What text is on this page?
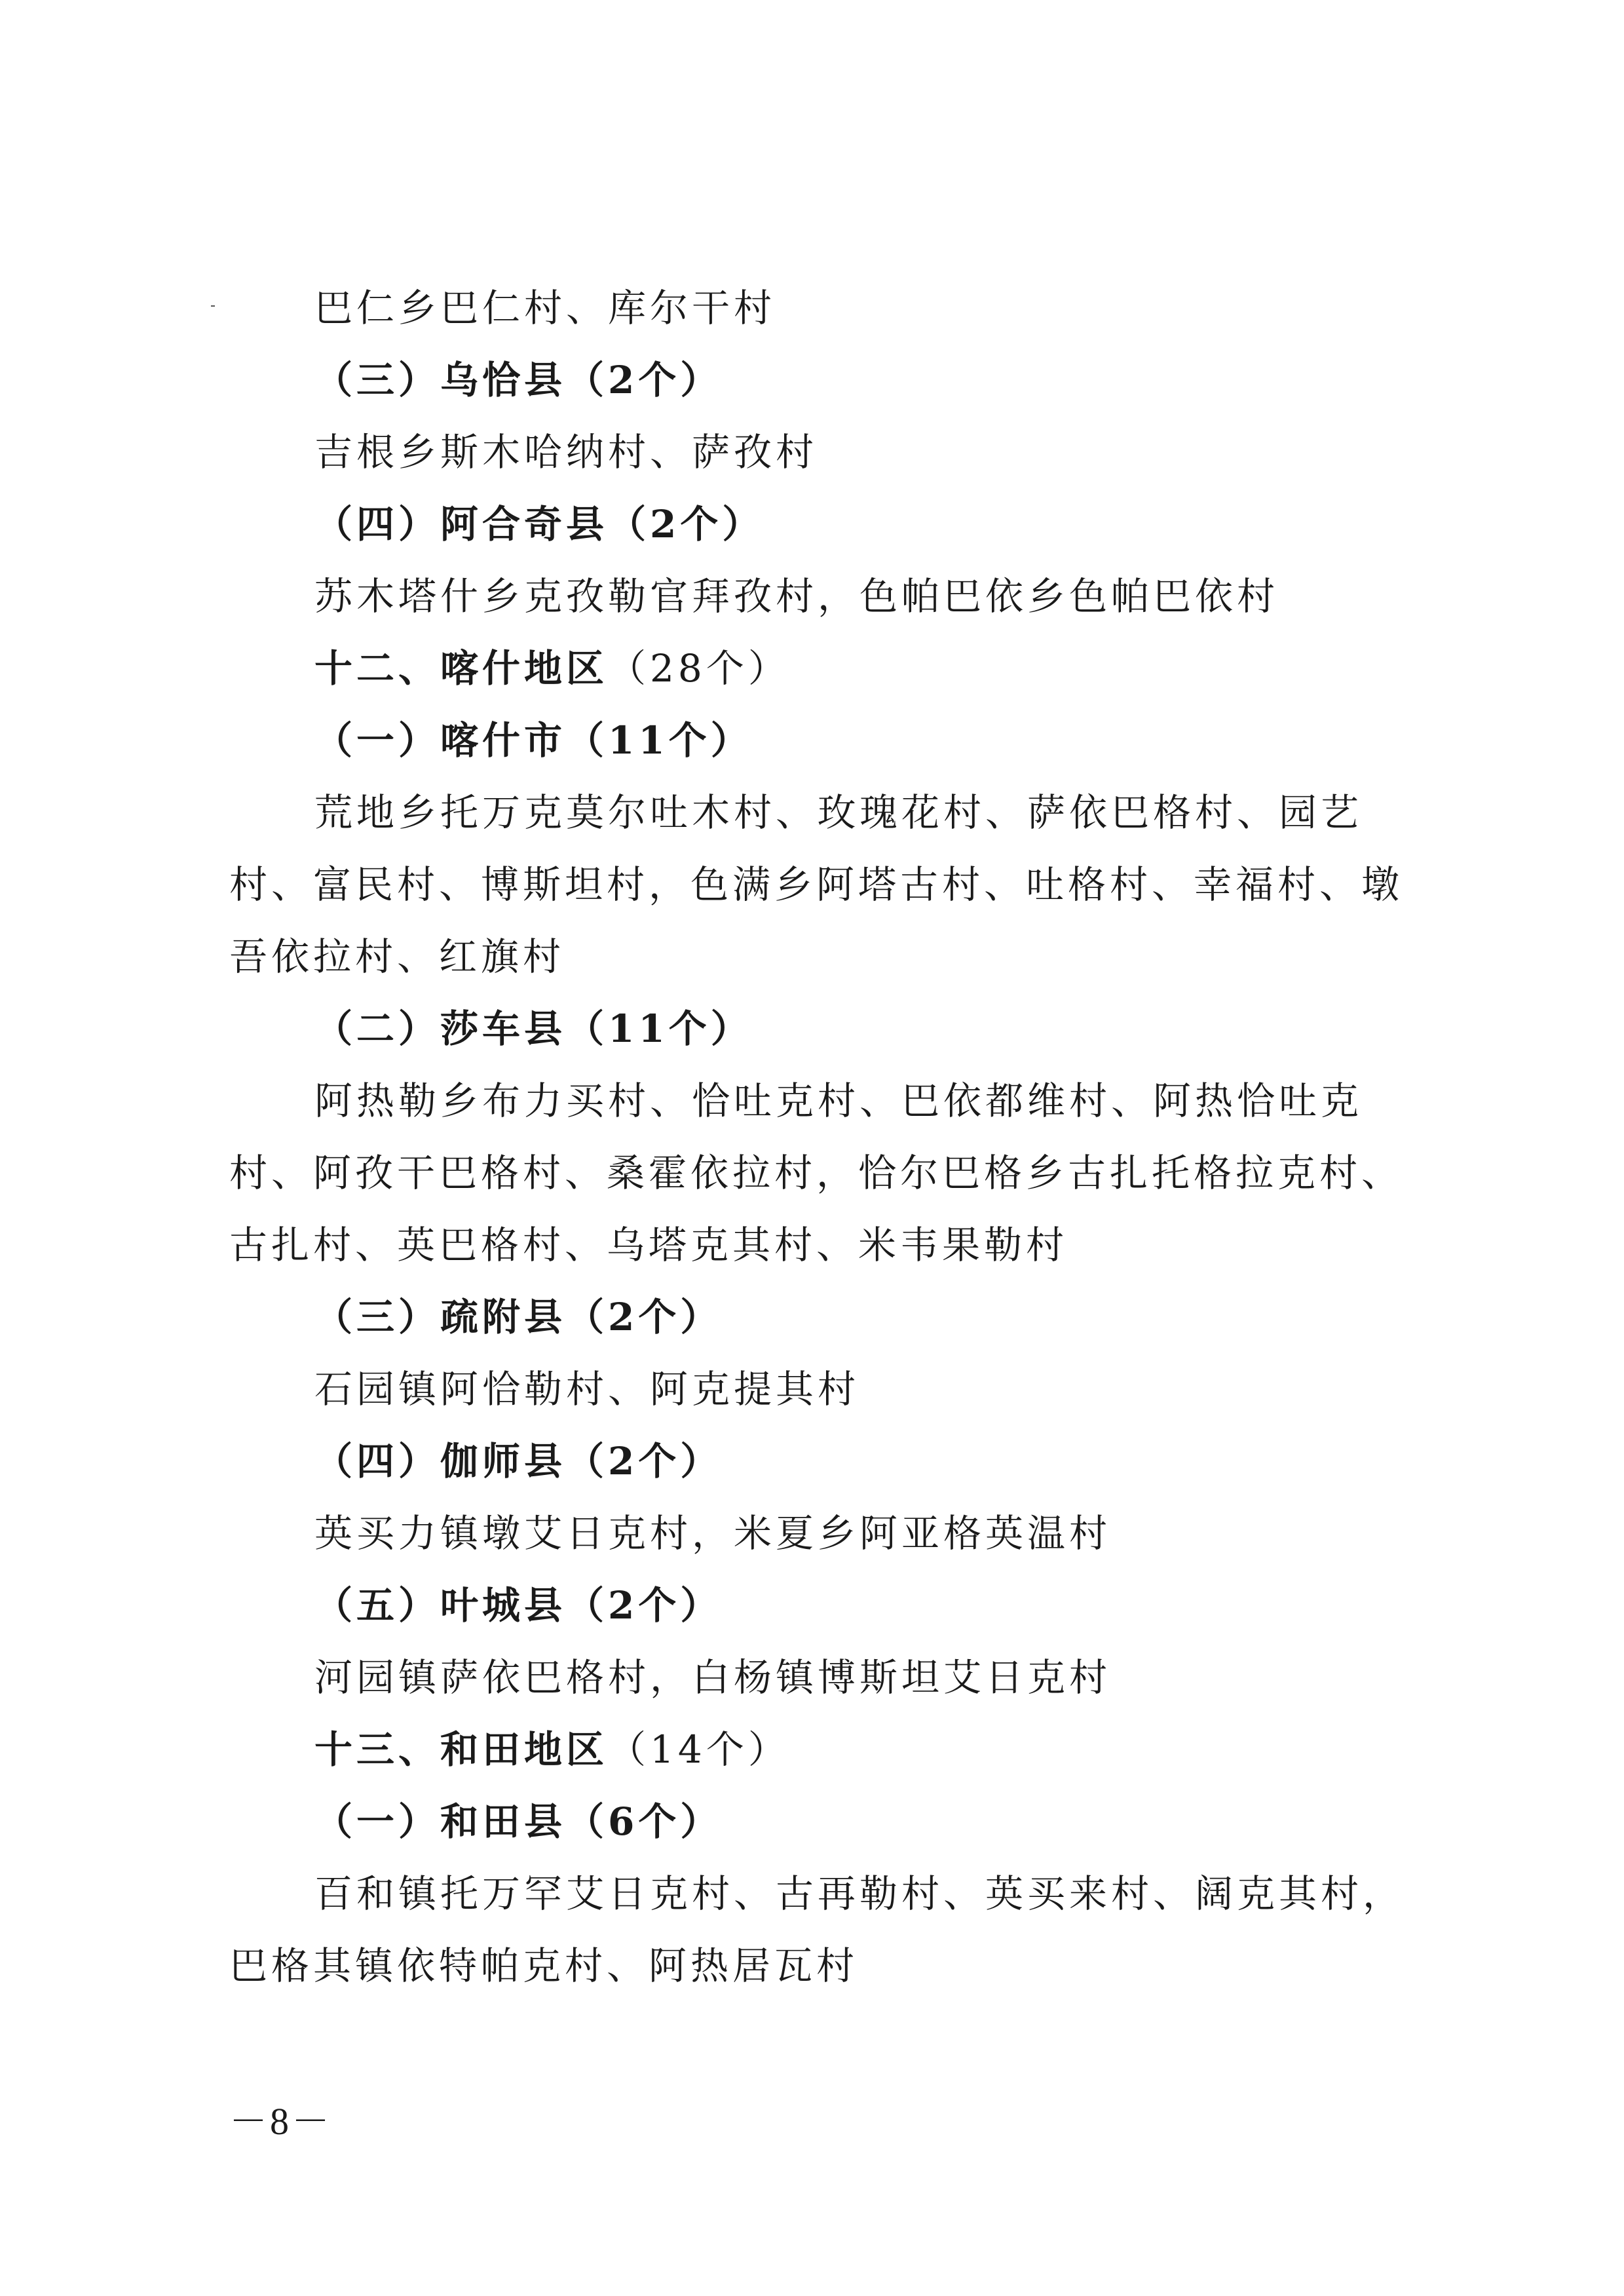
巴仁乡巴仁村、库尔干村
（三）乌恰县（2个）
吉根乡斯木哈纳村、萨孜村
（四）阿合奇县（2个）
苏木塔什乡克孜勒官拜孜村，色帕巴依乡色帕巴依村
十二、喀什地区（28个）
（一）喀什市（11个）
荒地乡托万克莫尔吐木村、玫瑰花村、萨依巴格村、园艺村、富民村、博斯坦村，色满乡阿塔古村、吐格村、幸福村、墩吾依拉村、红旗村
（二）莎车县（11个）
阿热勒乡布力买村、恰吐克村、巴依都维村、阿热恰吐克村、阿孜干巴格村、桑霍依拉村，恰尔巴格乡古扎托格拉克村、古扎村、英巴格村、乌塔克其村、米韦果勒村
（三）疏附县（2个）
石园镇阿恰勒村、阿克提其村
（四）伽师县（2个）
英买力镇墩艾日克村，米夏乡阿亚格英温村
（五）叶城县（2个）
河园镇萨依巴格村，白杨镇博斯坦艾日克村
十三、和田地区（14个）
（一）和田县（6个）
百和镇托万罕艾日克村、古再勒村、英买来村、阔克其村，巴格其镇依特帕克村、阿热居瓦村
－8－
